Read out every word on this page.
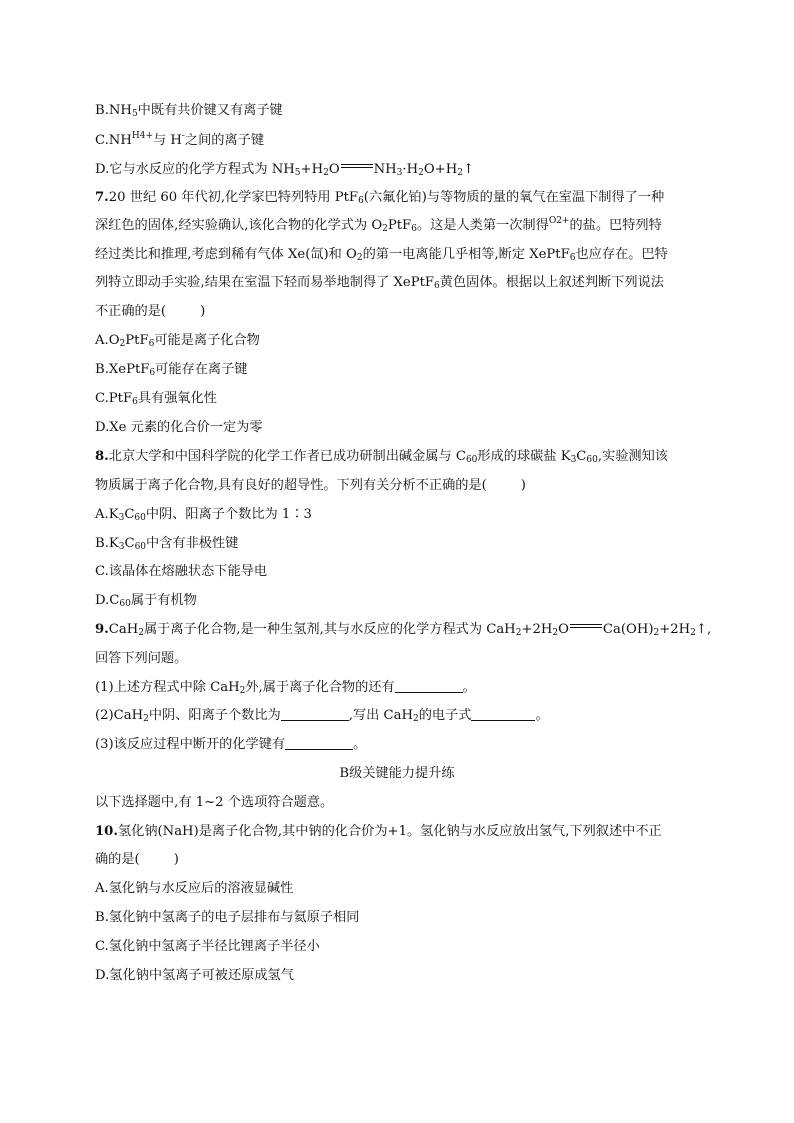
$B.NH_5$中既有共价键又有离子键
$C.NH^{H4+}$与 H-之间的离子键
D.它与水反应的化学方程式为 $NH_5+H_2O$	$NH_3\cdot H_2O+H_2↑$
7.20 世纪 60 年代初,化学家巴特列特用 PtF$_6$(六氟化铂)与等物质的量的氧气在室温下制得了一种
深红色的固体,经实验确认,该化合物的化学式为 $O_2PtF_6$。这是人类第一次制得$^{O2+}$的盐。巴特列特
经过类比和推理,考虑到稀有气体 Xe(氙)和 $O_2$的第一电离能几乎相等,断定 XePtF$_6$也应存在。巴特
列特立即动手实验,结果在室温下轻而易举地制得了 XePtF$_6$黄色固体。根据以上叙述判断下列说法
不正确的是(	)
$A.O_2PtF_6$可能是离子化合物
B.XePtF$_6$可能存在离子键
C.PtF$_6$具有强氧化性
D.Xe 元素的化合价一定为零
8.北京大学和中国科学院的化学工作者已成功研制出碱金属与 $C_{60}$形成的球碳盐 $K_3C_{60}$,实验测知该
物质属于离子化合物,具有良好的超导性。下列有关分析不正确的是(	)
$A.K_3C_{60}$中阴、阳离子个数比为 1∶3
$B.K_3C_{60}$中含有非极性键
C.该晶体在熔融状态下能导电
$D.C_{60}$属于有机物
9.CaH$_2$属于离子化合物,是一种生氢剂,其与水反应的化学方程式为 $CaH_2+2H_2O$	$Ca(OH)_2+2H_2↑$,
回答下列问题。
(1)上述方程式中除 CaH$_2$外,属于离子化合物的还有	。
(2)CaH$_2$中阴、阳离子个数比为	,写出 CaH$_2$的电子式	。
(3)该反应过程中断开的化学键有	。
B级关键能力提升练
以下选择题中,有 1~2 个选项符合题意。
10.氢化钠(NaH)是离子化合物,其中钠的化合价为+1。氢化钠与水反应放出氢气,下列叙述中不正
确的是(	)
A.氢化钠与水反应后的溶液显碱性
B.氢化钠中氢离子的电子层排布与氦原子相同
C.氢化钠中氢离子半径比锂离子半径小
D.氢化钠中氢离子可被还原成氢气
